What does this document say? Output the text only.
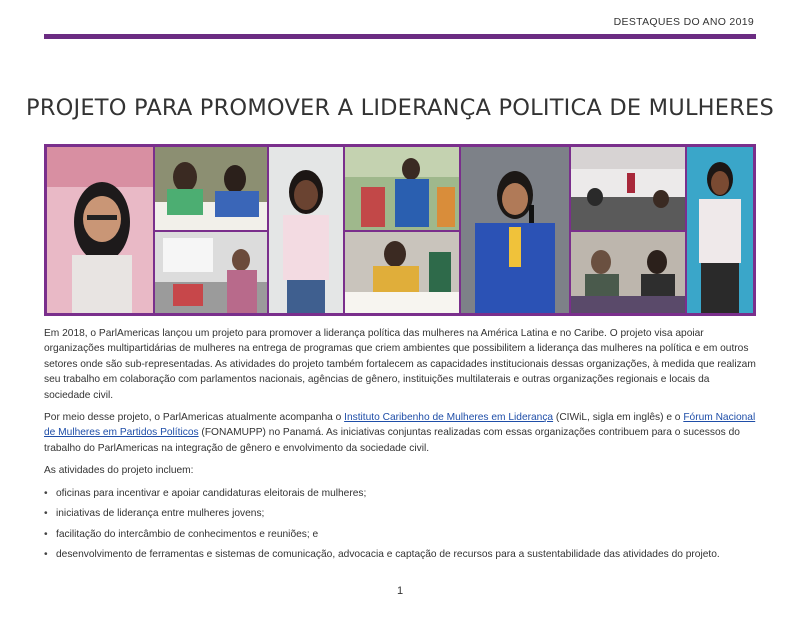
DESTAQUES DO ANO 2019
PROJETO PARA PROMOVER A LIDERANÇA POLITICA DE MULHERES

Em 2018, o ParlAmericas lançou um projeto para promover a liderança política das mulheres na América Latina e no Caribe. O projeto visa apoiar organizações multipartidárias de mulheres na entrega de programas que criem ambientes que possibilitem a liderança das mulheres na política e em outros setores onde são sub-representadas. As atividades do projeto também fortalecem as capacidades institucionais dessas organizações, à medida que realizam seu trabalho em colaboração com parlamentos nacionais, agências de gênero, instituições multilaterais e outras organizações regionais e locais da sociedade civil.

Por meio desse projeto, o ParlAmericas atualmente acompanha o Instituto Caribenho de Mulheres em Liderança (CIWiL, sigla em inglês) e o Fórum Nacional de Mulheres em Partidos Políticos (FONAMUPP) no Panamá. As iniciativas conjuntas realizadas com essas organizações contribuem para o sucessos do trabalho do ParlAmericas na integração de gênero e envolvimento da sociedade civil.

As atividades do projeto incluem:

• oficinas para incentivar e apoiar candidaturas eleitorais de mulheres;
• iniciativas de liderança entre mulheres jovens;
• facilitação do intercâmbio de conhecimentos e reuniões; e
• desenvolvimento de ferramentas e sistemas de comunicação, advocacia e captação de recursos para a sustentabilidade das atividades do projeto.
1
